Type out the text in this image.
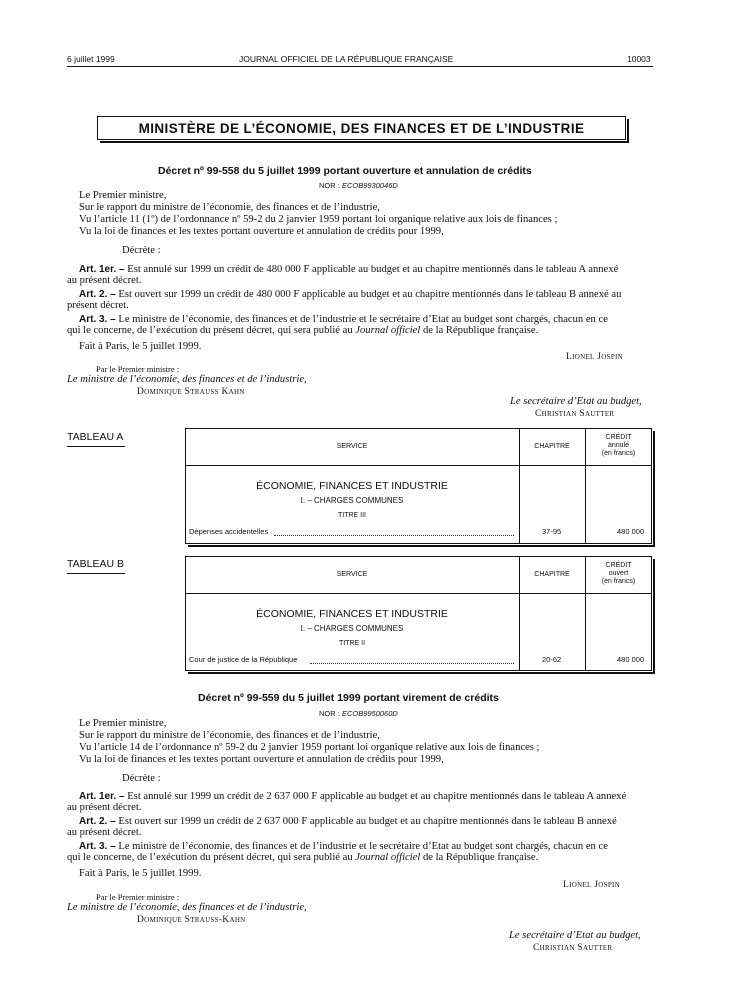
6 juillet 1999	JOURNAL OFFICIEL DE LA RÉPUBLIQUE FRANÇAISE	10003
MINISTÈRE DE L’ÉCONOMIE, DES FINANCES ET DE L’INDUSTRIE
Décret nº 99-558 du 5 juillet 1999 portant ouverture et annulation de crédits
NOR : ECOB9930046D
Le Premier ministre,
Sur le rapport du ministre de l’économie, des finances et de l’industrie,
Vu l’article 11 (1º) de l’ordonnance nº 59-2 du 2 janvier 1959 portant loi organique relative aux lois de finances ;
Vu la loi de finances et les textes portant ouverture et annulation de crédits pour 1999,
Décrète :
Art. 1er. – Est annulé sur 1999 un crédit de 480 000 F applicable au budget et au chapitre mentionnés dans le tableau A annexé
au présent décret.
Art. 2. – Est ouvert sur 1999 un crédit de 480 000 F applicable au budget et au chapitre mentionnés dans le tableau B annexé au
présent décret.
Art. 3. – Le ministre de l’économie, des finances et de l’industrie et le secrétaire d’Etat au budget sont chargés, chacun en ce
qui le concerne, de l’exécution du présent décret, qui sera publié au Journal officiel de la République française.
Fait à Paris, le 5 juillet 1999.
Lionel Jospin
Par le Premier ministre :
Le ministre de l’économie, des finances et de l’industrie,
Dominique Strauss Kahn
Le secrétaire d’Etat au budget,
Christian Sautter
TABLEAU A
SERVICE	CHAPITRE
CRÉDIT
annulé
(en francs)
ÉCONOMIE, FINANCES ET INDUSTRIE
I. – CHARGES COMMUNES
TITRE III
Dépenses accidentelles	37-95	480 000
TABLEAU B
SERVICE	CHAPITRE
CRÉDIT
ouvert
(en francs)
ÉCONOMIE, FINANCES ET INDUSTRIE
I. – CHARGES COMMUNES
TITRE II
Cour de justice de la République	20-62	480 000
Décret nº 99-559 du 5 juillet 1999 portant virement de crédits
NOR : ECOB9950060D
Le Premier ministre,
Sur le rapport du ministre de l’économie, des finances et de l’industrie,
Vu l’article 14 de l’ordonnance nº 59-2 du 2 janvier 1959 portant loi organique relative aux lois de finances ;
Vu la loi de finances et les textes portant ouverture et annulation de crédits pour 1999,
Décrète :
Art. 1er. – Est annulé sur 1999 un crédit de 2 637 000 F applicable au budget et au chapitre mentionnés dans le tableau A annexé
au présent décret.
Art. 2. – Est ouvert sur 1999 un crédit de 2 637 000 F applicable au budget et au chapitre mentionnés dans le tableau B annexé
au présent décret.
Art. 3. – Le ministre de l’économie, des finances et de l’industrie et le secrétaire d’Etat au budget sont chargés, chacun en ce
qui le concerne, de l’exécution du présent décret, qui sera publié au Journal officiel de la République française.
Fait à Paris, le 5 juillet 1999.
Lionel Jospin
Par le Premier ministre :
Le ministre de l’économie, des finances et de l’industrie,
Dominique Strauss-Kahn
Le secrétaire d’Etat au budget,
Christian Sautter
